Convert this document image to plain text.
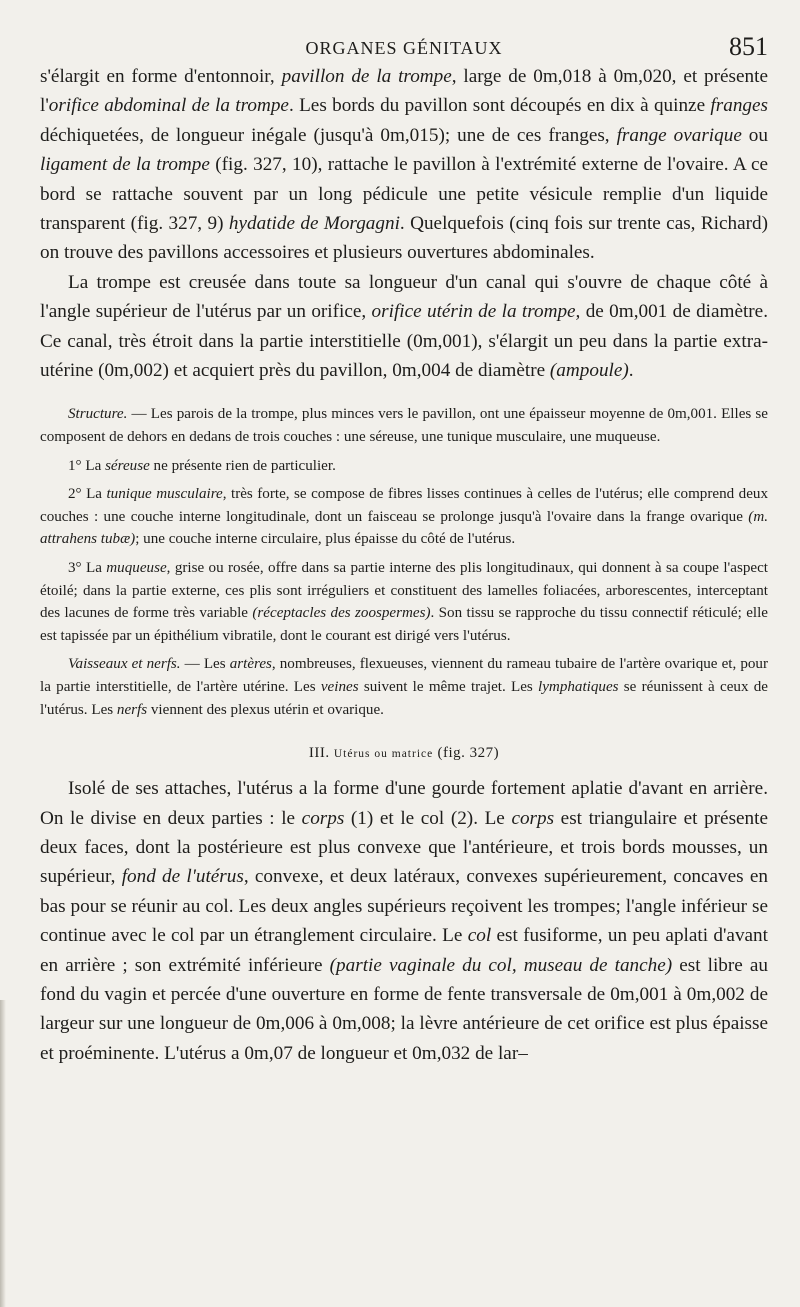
ORGANES GÉNITAUX	851

s'élargit en forme d'entonnoir, pavillon de la trompe, large de 0m,018 à 0m,020, et présente l'orifice abdominal de la trompe. Les bords du pavillon sont découpés en dix à quinze franges déchiquetées, de longueur inégale (jusqu'à 0m,015); une de ces franges, frange ovarique ou ligament de la trompe (fig. 327, 10), rattache le pavillon à l'extrémité externe de l'ovaire. A ce bord se rattache souvent par un long pédicule une petite vésicule remplie d'un liquide transparent (fig. 327, 9) hydatide de Morgagni. Quelquefois (cinq fois sur trente cas, Richard) on trouve des pavillons accessoires et plusieurs ouvertures abdominales.

La trompe est creusée dans toute sa longueur d'un canal qui s'ouvre de chaque côté à l'angle supérieur de l'utérus par un orifice, orifice utérin de la trompe, de 0m,001 de diamètre. Ce canal, très étroit dans la partie interstitielle (0m,001), s'élargit un peu dans la partie extra-utérine (0m,002) et acquiert près du pavillon, 0m,004 de diamètre (ampoule).

Structure. — Les parois de la trompe, plus minces vers le pavillon, ont une épaisseur moyenne de 0m,001. Elles se composent de dehors en dedans de trois couches : une séreuse, une tunique musculaire, une muqueuse.

1° La séreuse ne présente rien de particulier.

2° La tunique musculaire, très forte, se compose de fibres lisses continues à celles de l'utérus; elle comprend deux couches : une couche interne longitudinale, dont un faisceau se prolonge jusqu'à l'ovaire dans la frange ovarique (m. attrahens tubæ); une couche interne circulaire, plus épaisse du côté de l'utérus.

3° La muqueuse, grise ou rosée, offre dans sa partie interne des plis longitudinaux, qui donnent à sa coupe l'aspect étoilé; dans la partie externe, ces plis sont irréguliers et constituent des lamelles foliacées, arborescentes, interceptant des lacunes de forme très variable (réceptacles des zoospermes). Son tissu se rapproche du tissu connectif réticulé; elle est tapissée par un épithélium vibratile, dont le courant est dirigé vers l'utérus.

Vaisseaux et nerfs. — Les artères, nombreuses, flexueuses, viennent du rameau tubaire de l'artère ovarique et, pour la partie interstitielle, de l'artère utérine. Les veines suivent le même trajet. Les lymphatiques se réunissent à ceux de l'utérus. Les nerfs viennent des plexus utérin et ovarique.

III. Utérus ou matrice (fig. 327)

Isolé de ses attaches, l'utérus a la forme d'une gourde fortement aplatie d'avant en arrière. On le divise en deux parties : le corps (1) et le col (2). Le corps est triangulaire et présente deux faces, dont la postérieure est plus convexe que l'antérieure, et trois bords mousses, un supérieur, fond de l'utérus, convexe, et deux latéraux, convexes supérieurement, concaves en bas pour se réunir au col. Les deux angles supérieurs reçoivent les trompes; l'angle inférieur se continue avec le col par un étranglement circulaire. Le col est fusiforme, un peu aplati d'avant en arrière ; son extrémité inférieure (partie vaginale du col, museau de tanche) est libre au fond du vagin et percée d'une ouverture en forme de fente transversale de 0m,001 à 0m,002 de largeur sur une longueur de 0m,006 à 0m,008; la lèvre antérieure de cet orifice est plus épaisse et proéminente. L'utérus a 0m,07 de longueur et 0m,032 de lar–
